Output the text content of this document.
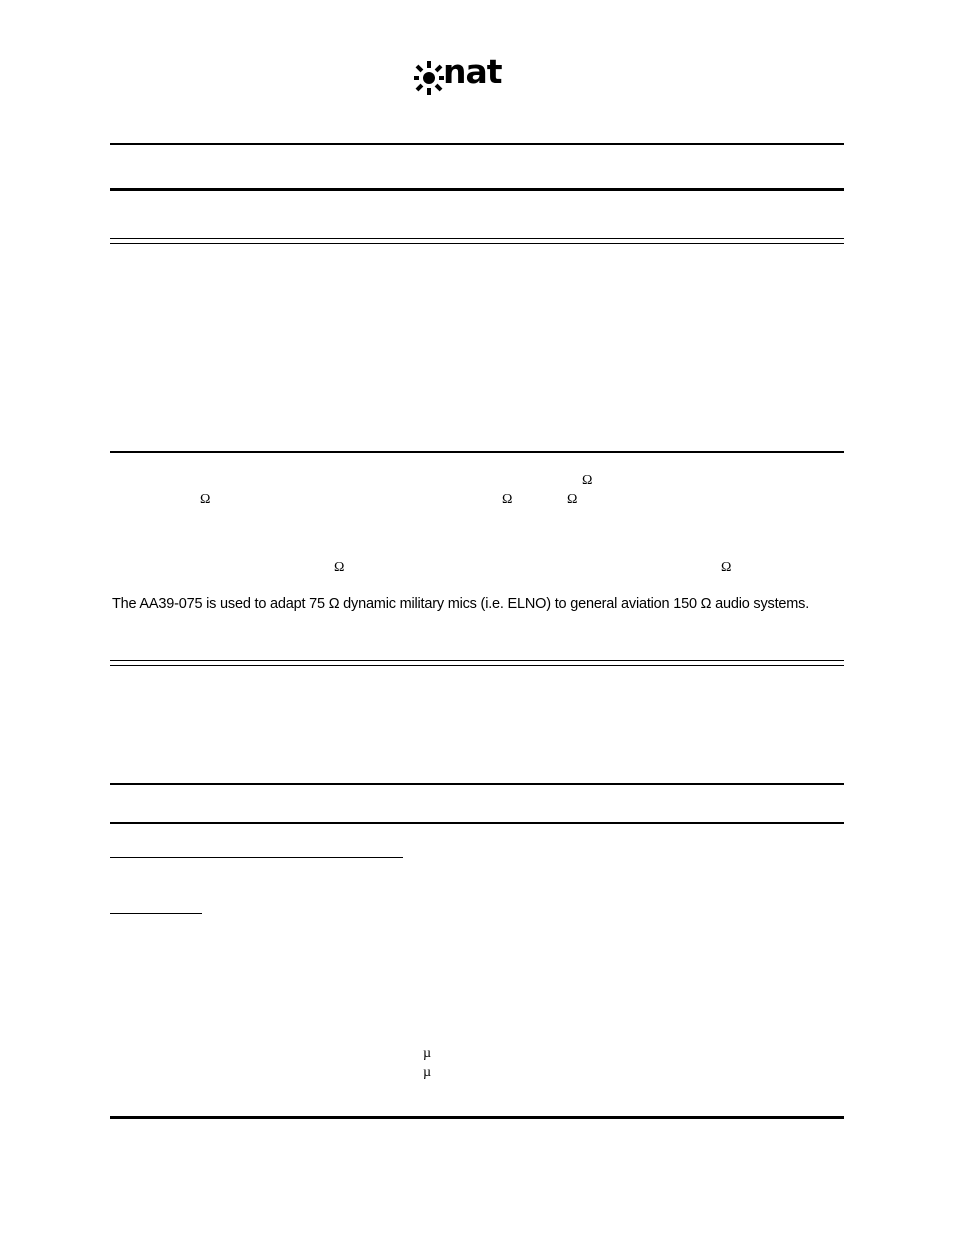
nat
Ω
Ω	Ω	Ω
Ω	Ω
The AA39-075 is used to adapt 75 Ω dynamic military mics (i.e. ELNO) to general aviation 150 Ω audio systems.
µ
µ
